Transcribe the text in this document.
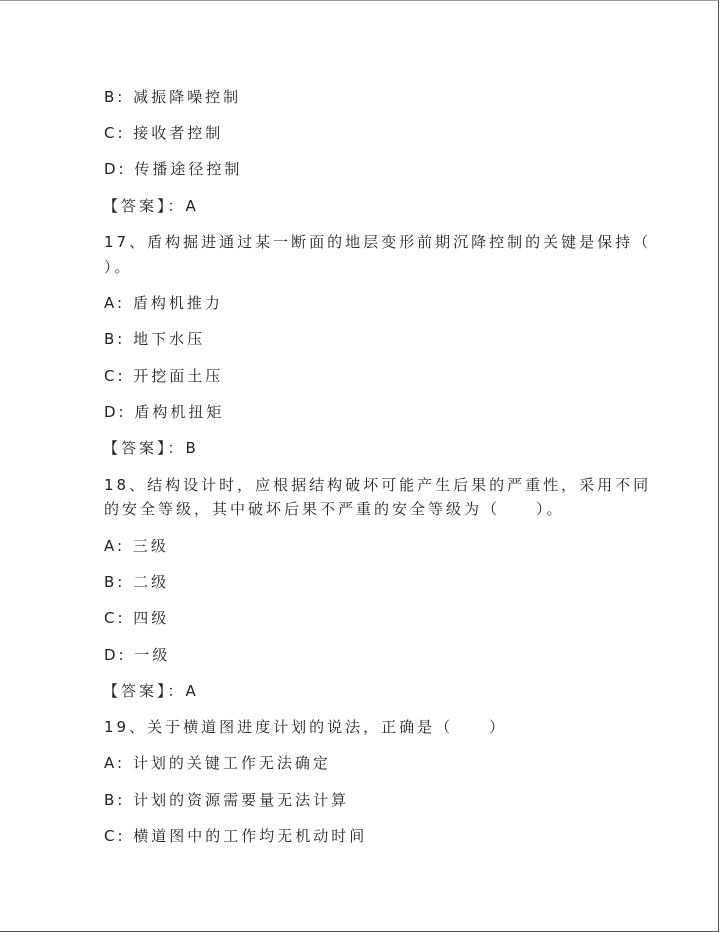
B: 减振降噪控制
C: 接收者控制
D: 传播途径控制
【答案】：A
17、盾构掘进通过某一断面的地层变形前期沉降控制的关键是保持（
）。
A: 盾构机推力
B: 地下水压
C: 开挖面土压
D: 盾构机扭矩
【答案】：B
18、结构设计时，应根据结构破坏可能产生后果的严重性，采用不同
的安全等级，其中破坏后果不严重的安全等级为（　　）。
A: 三级
B: 二级
C: 四级
D: 一级
【答案】：A
19、关于横道图进度计划的说法，正确是（　　）
A: 计划的关键工作无法确定
B: 计划的资源需要量无法计算
C: 横道图中的工作均无机动时间
